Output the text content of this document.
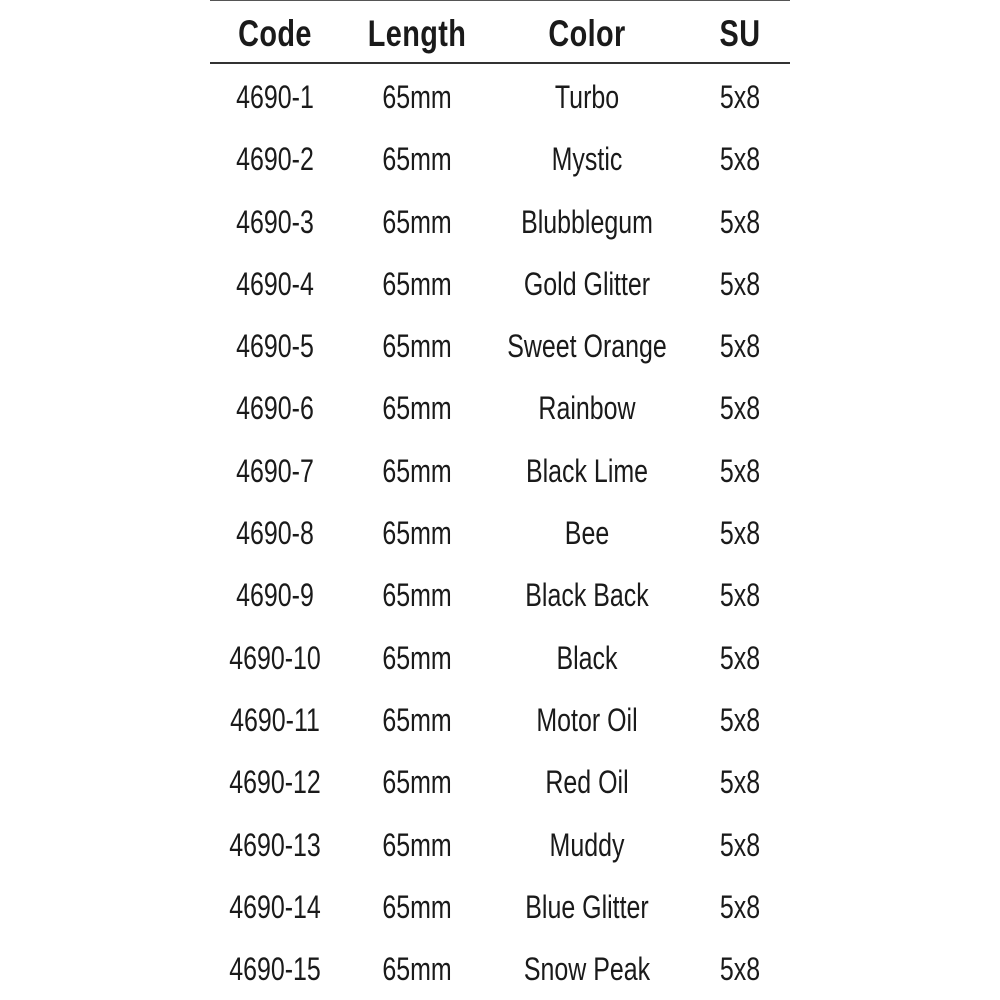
Code	Length	Color	SU
4690-1	65mm	Turbo	5x8
4690-2	65mm	Mystic	5x8
4690-3	65mm	Blubblegum	5x8
4690-4	65mm	Gold Glitter	5x8
4690-5	65mm	Sweet Orange	5x8
4690-6	65mm	Rainbow	5x8
4690-7	65mm	Black Lime	5x8
4690-8	65mm	Bee	5x8
4690-9	65mm	Black Back	5x8
4690-10	65mm	Black	5x8
4690-11	65mm	Motor Oil	5x8
4690-12	65mm	Red Oil	5x8
4690-13	65mm	Muddy	5x8
4690-14	65mm	Blue Glitter	5x8
4690-15	65mm	Snow Peak	5x8
